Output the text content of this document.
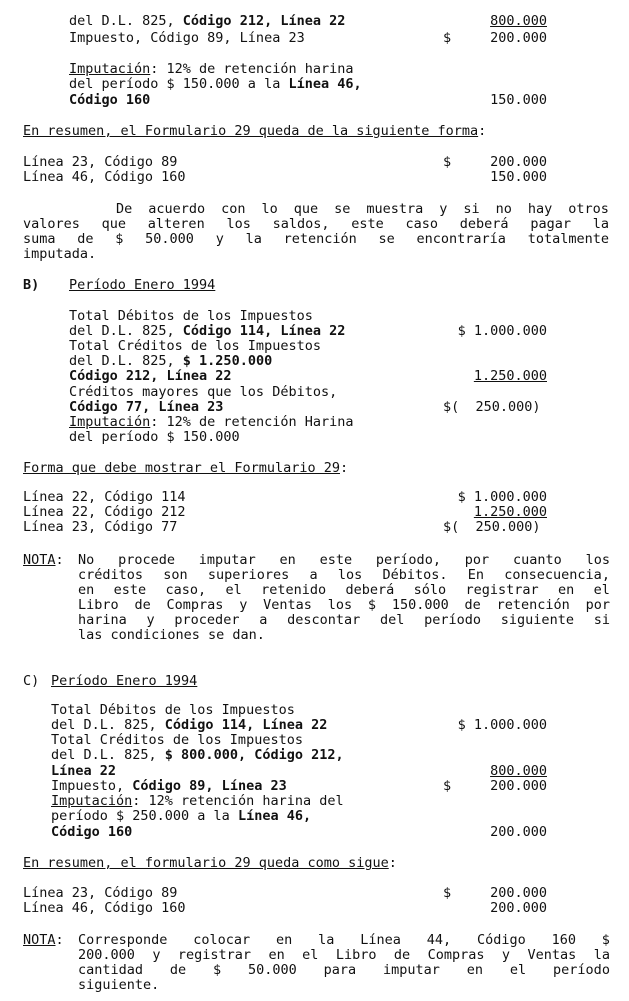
del D.L. 825, Código 212, Línea 22	800.000
Impuesto, Código 89, Línea 23	$	200.000
Imputación: 12% de retención harina
del período $ 150.000 a la Línea 46,
Código 160	150.000
En resumen, el Formulario 29 queda de la siguiente forma:
Línea 23, Código 89	$	200.000
Línea 46, Código 160	150.000
De acuerdo con lo que se muestra y si no hay otros
valores que alteren los saldos, este caso deberá pagar la
suma de $ 50.000 y la retención se encontraría totalmente
imputada.
B) Período Enero 1994
Total Débitos de los Impuestos
del D.L. 825, Código 114, Línea 22	$ 1.000.000
Total Créditos de los Impuestos
del D.L. 825, $ 1.250.000
Código 212, Línea 22	1.250.000
Créditos mayores que los Débitos,
Código 77, Línea 23	$(  250.000)
Imputación: 12% de retención Harina
del período $ 150.000
Forma que debe mostrar el Formulario 29:
Línea 22, Código 114	$ 1.000.000
Línea 22, Código 212	1.250.000
Línea 23, Código 77	$(  250.000)
NOTA: No procede imputar en este período, por cuanto los
créditos son superiores a los Débitos. En consecuencia,
en este caso, el retenido deberá sólo registrar en el
Libro de Compras y Ventas los $ 150.000 de retención por
harina y proceder a descontar del período siguiente si
las condiciones se dan.
C) Período Enero 1994
Total Débitos de los Impuestos
del D.L. 825, Código 114, Línea 22	$ 1.000.000
Total Créditos de los Impuestos
del D.L. 825, $ 800.000, Código 212,
Línea 22	800.000
Impuesto, Código 89, Línea 23	$	200.000
Imputación: 12% retención harina del
período $ 250.000 a la Línea 46,
Código 160	200.000
En resumen, el formulario 29 queda como sigue:
Línea 23, Código 89	$	200.000
Línea 46, Código 160	200.000
NOTA: Corresponde colocar en la Línea 44, Código 160 $
200.000 y registrar en el Libro de Compras y Ventas la
cantidad de $ 50.000 para imputar en el período
siguiente.
